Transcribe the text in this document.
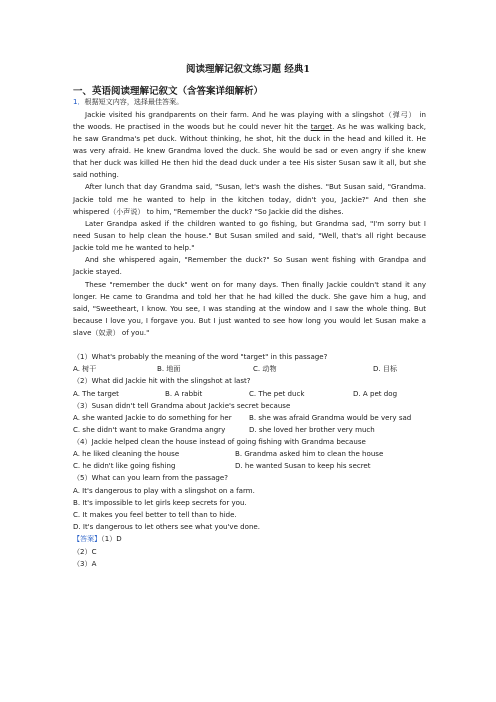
阅读理解记叙文练习题 经典1
一、英语阅读理解记叙文（含答案详细解析）
1．根据短文内容，选择最佳答案。
Jackie visited his grandparents on their farm. And he was playing with a slingshot（弹弓） in
the woods. He practised in the woods but he could never hit the target. As he was walking back,
he saw Grandma's pet duck. Without thinking, he shot, hit the duck in the head and killed it. He
was very afraid. He knew Grandma loved the duck. She would be sad or even angry if she knew
that her duck was killed He then hid the dead duck under a tee His sister Susan saw it all, but she
said nothing.
After lunch that day Grandma said, "Susan, let's wash the dishes. "But Susan said, "Grandma.
Jackie told me he wanted to help in the kitchen today, didn't you, Jackie?" And then she
whispered（小声说） to him, "Remember the duck? "So Jackie did the dishes.
Later Grandpa asked if the children wanted to go fishing, but Grandma sad, "I'm sorry but I
need Susan to help clean the house." But Susan smiled and said, "Well, that's all right because
Jackie told me he wanted to help."
And she whispered again, "Remember the duck?" So Susan went fishing with Grandpa and
Jackie stayed.
These "remember the duck" went on for many days. Then finally Jackie couldn't stand it any
longer. He came to Grandma and told her that he had killed the duck. She gave him a hug, and
said, "Sweetheart, I know. You see, I was standing at the window and I saw the whole thing. But
because I love you, I forgave you. But I just wanted to see how long you would let Susan make a
slave（奴隶） of you."
（1）What's probably the meaning of the word "target" in this passage?
A. 树干	B. 地面	C. 动物	D. 目标
（2）What did Jackie hit with the slingshot at last?
A. The target	B. A rabbit	C. The pet duck	D. A pet dog
（3）Susan didn't tell Grandma about Jackie's secret because
A. she wanted Jackie to do something for her B. she was afraid Grandma would be very sad
C. she didn't want to make Grandma angry	D. she loved her brother very much
（4）Jackie helped clean the house instead of going fishing with Grandma because
A. he liked cleaning the house	B. Grandma asked him to clean the house
C. he didn't like going fishing	D. he wanted Susan to keep his secret
（5）What can you learn from the passage?
A. It's dangerous to play with a slingshot on a farm.
B. It's impossible to let girls keep secrets for you.
C. It makes you feel better to tell than to hide.
D. It's dangerous to let others see what you've done.
【答案】（1）D
（2）C
（3）A
